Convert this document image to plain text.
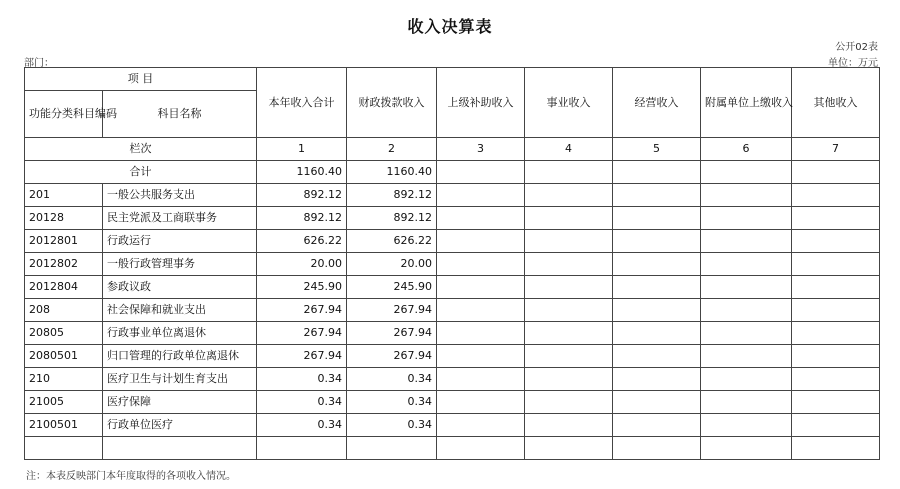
收入决算表
公开02表
部门：	单位：万元
项 目		本年收入合计	财政拨款收入	上级补助收入	事业收入	经营收入	附属单位上缴收入	其他收入
功能分类科目编码	科目名称							

栏次		1	2	3	4	5	6	7
合计		1160.40	1160.40					
201	一般公共服务支出	892.12	892.12					
20128	民主党派及工商联事务	892.12	892.12					
2012801	行政运行	626.22	626.22					
2012802	一般行政管理事务	20.00	20.00					
2012804	参政议政	245.90	245.90					
208	社会保障和就业支出	267.94	267.94					
20805	行政事业单位离退休	267.94	267.94					
2080501	归口管理的行政单位离退休	267.94	267.94					
210	医疗卫生与计划生育支出	0.34	0.34					
21005	医疗保障	0.34	0.34					
2100501	行政单位医疗	0.34	0.34					

注：本表反映部门本年度取得的各项收入情况。
